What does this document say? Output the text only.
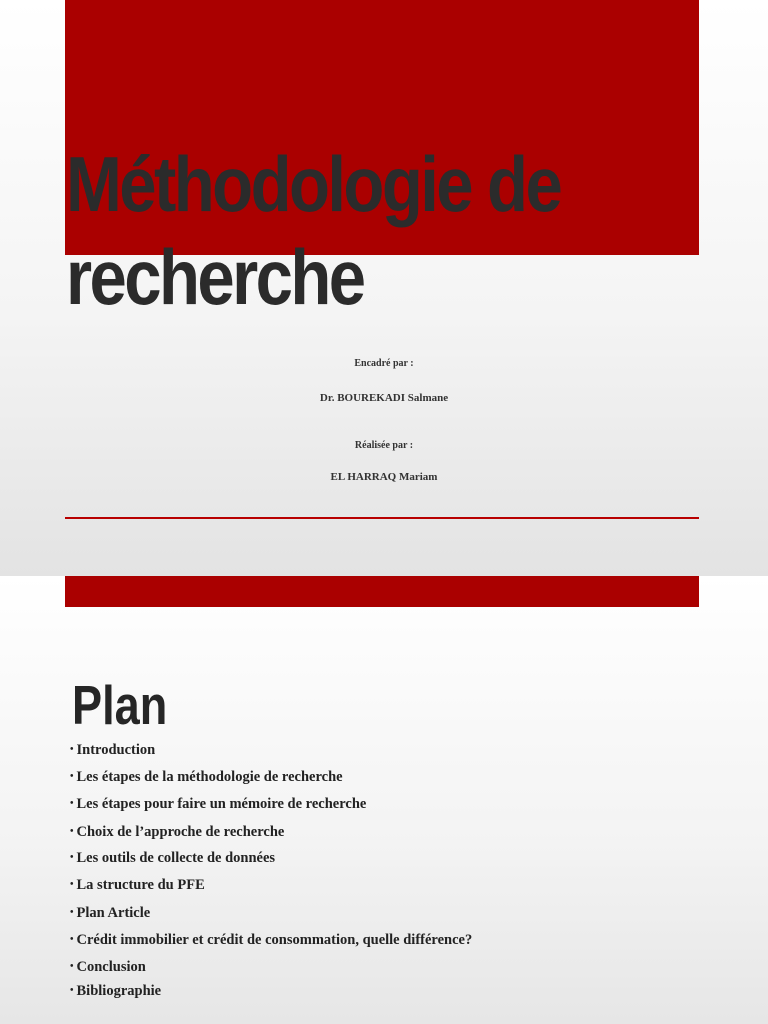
Méthodologie de recherche
Encadré par :
Dr. BOUREKADI Salmane
Réalisée par :
EL HARRAQ Mariam
Plan
• Introduction
• Les étapes de la méthodologie de recherche
• Les étapes pour faire un mémoire de recherche
• Choix de l’approche de recherche
• Les outils de collecte de données
• La structure du PFE
• Plan Article
• Crédit immobilier et crédit de consommation, quelle différence?
• Conclusion
• Bibliographie
